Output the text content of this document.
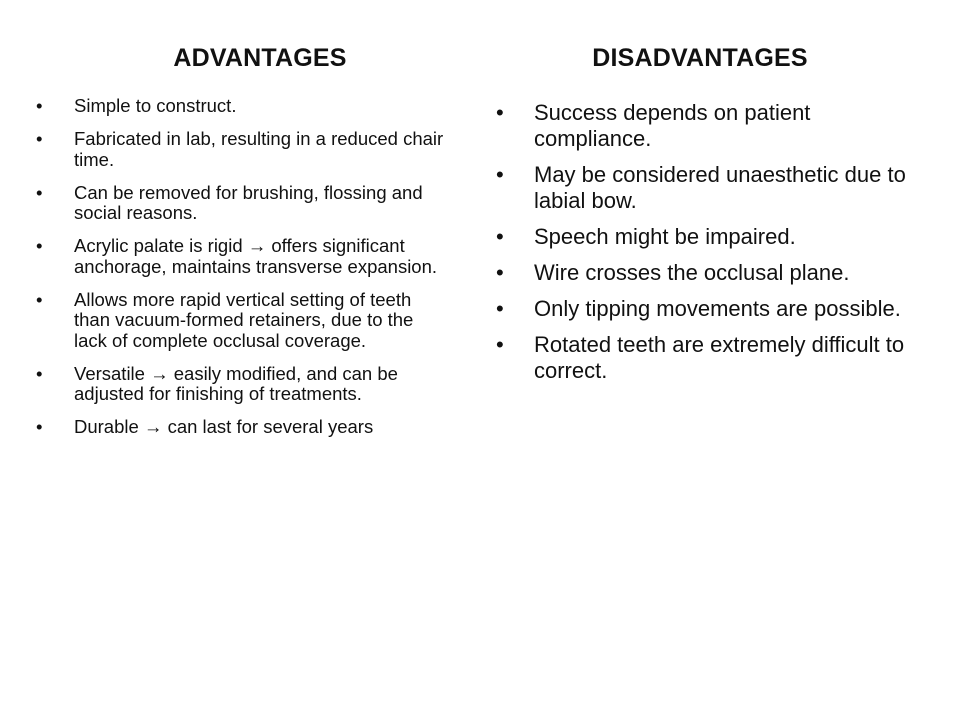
ADVANTAGES	DISADVANTAGES
• Simple to construct.
• Fabricated in lab, resulting in a reduced chair time.
• Can be removed for brushing, flossing and social reasons.
• Acrylic palate is rigid → offers significant anchorage, maintains transverse expansion.
• Allows more rapid vertical setting of teeth than vacuum-formed retainers, due to the lack of complete occlusal coverage.
• Versatile → easily modified, and can be adjusted for finishing of treatments.
• Durable → can last for several years
• Success depends on patient compliance.
• May be considered unaesthetic due to labial bow.
• Speech might be impaired.
• Wire crosses the occlusal plane.
• Only tipping movements are possible.
• Rotated teeth are extremely difficult to correct.
